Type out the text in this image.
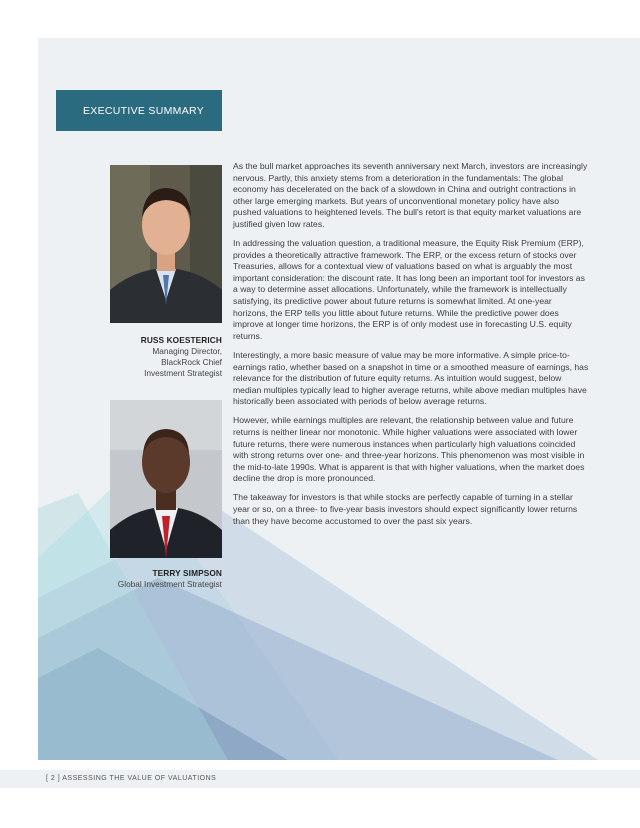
EXECUTIVE SUMMARY
RUSS KOESTERICH
Managing Director,
BlackRock Chief
Investment Strategist
TERRY SIMPSON
Global Investment Strategist

As the bull market approaches its seventh anniversary next March, investors are increasingly nervous. Partly, this anxiety stems from a deterioration in the fundamentals: The global economy has decelerated on the back of a slowdown in China and outright contractions in other large emerging markets. But years of unconventional monetary policy have also pushed valuations to heightened levels. The bull's retort is that equity market valuations are justified given low rates.

In addressing the valuation question, a traditional measure, the Equity Risk Premium (ERP), provides a theoretically attractive framework. The ERP, or the excess return of stocks over Treasuries, allows for a contextual view of valuations based on what is arguably the most important consideration: the discount rate. It has long been an important tool for investors as a way to determine asset allocations. Unfortunately, while the framework is intellectually satisfying, its predictive power about future returns is somewhat limited. At one-year horizons, the ERP tells you little about future returns. While the predictive power does improve at longer time horizons, the ERP is of only modest use in forecasting U.S. equity returns.

Interestingly, a more basic measure of value may be more informative. A simple price-to-earnings ratio, whether based on a snapshot in time or a smoothed measure of earnings, has relevance for the distribution of future equity returns. As intuition would suggest, below median multiples typically lead to higher average returns, while above median multiples have historically been associated with periods of below average returns.

However, while earnings multiples are relevant, the relationship between value and future returns is neither linear nor monotonic. While higher valuations were associated with lower future returns, there were numerous instances when particularly high valuations coincided with strong returns over one- and three-year horizons. This phenomenon was most visible in the mid-to-late 1990s. What is apparent is that with higher valuations, when the market does decline the drop is more pronounced.

The takeaway for investors is that while stocks are perfectly capable of turning in a stellar year or so, on a three- to five-year basis investors should expect significantly lower returns than they have become accustomed to over the past six years.

[ 2 ] ASSESSING THE VALUE OF VALUATIONS
